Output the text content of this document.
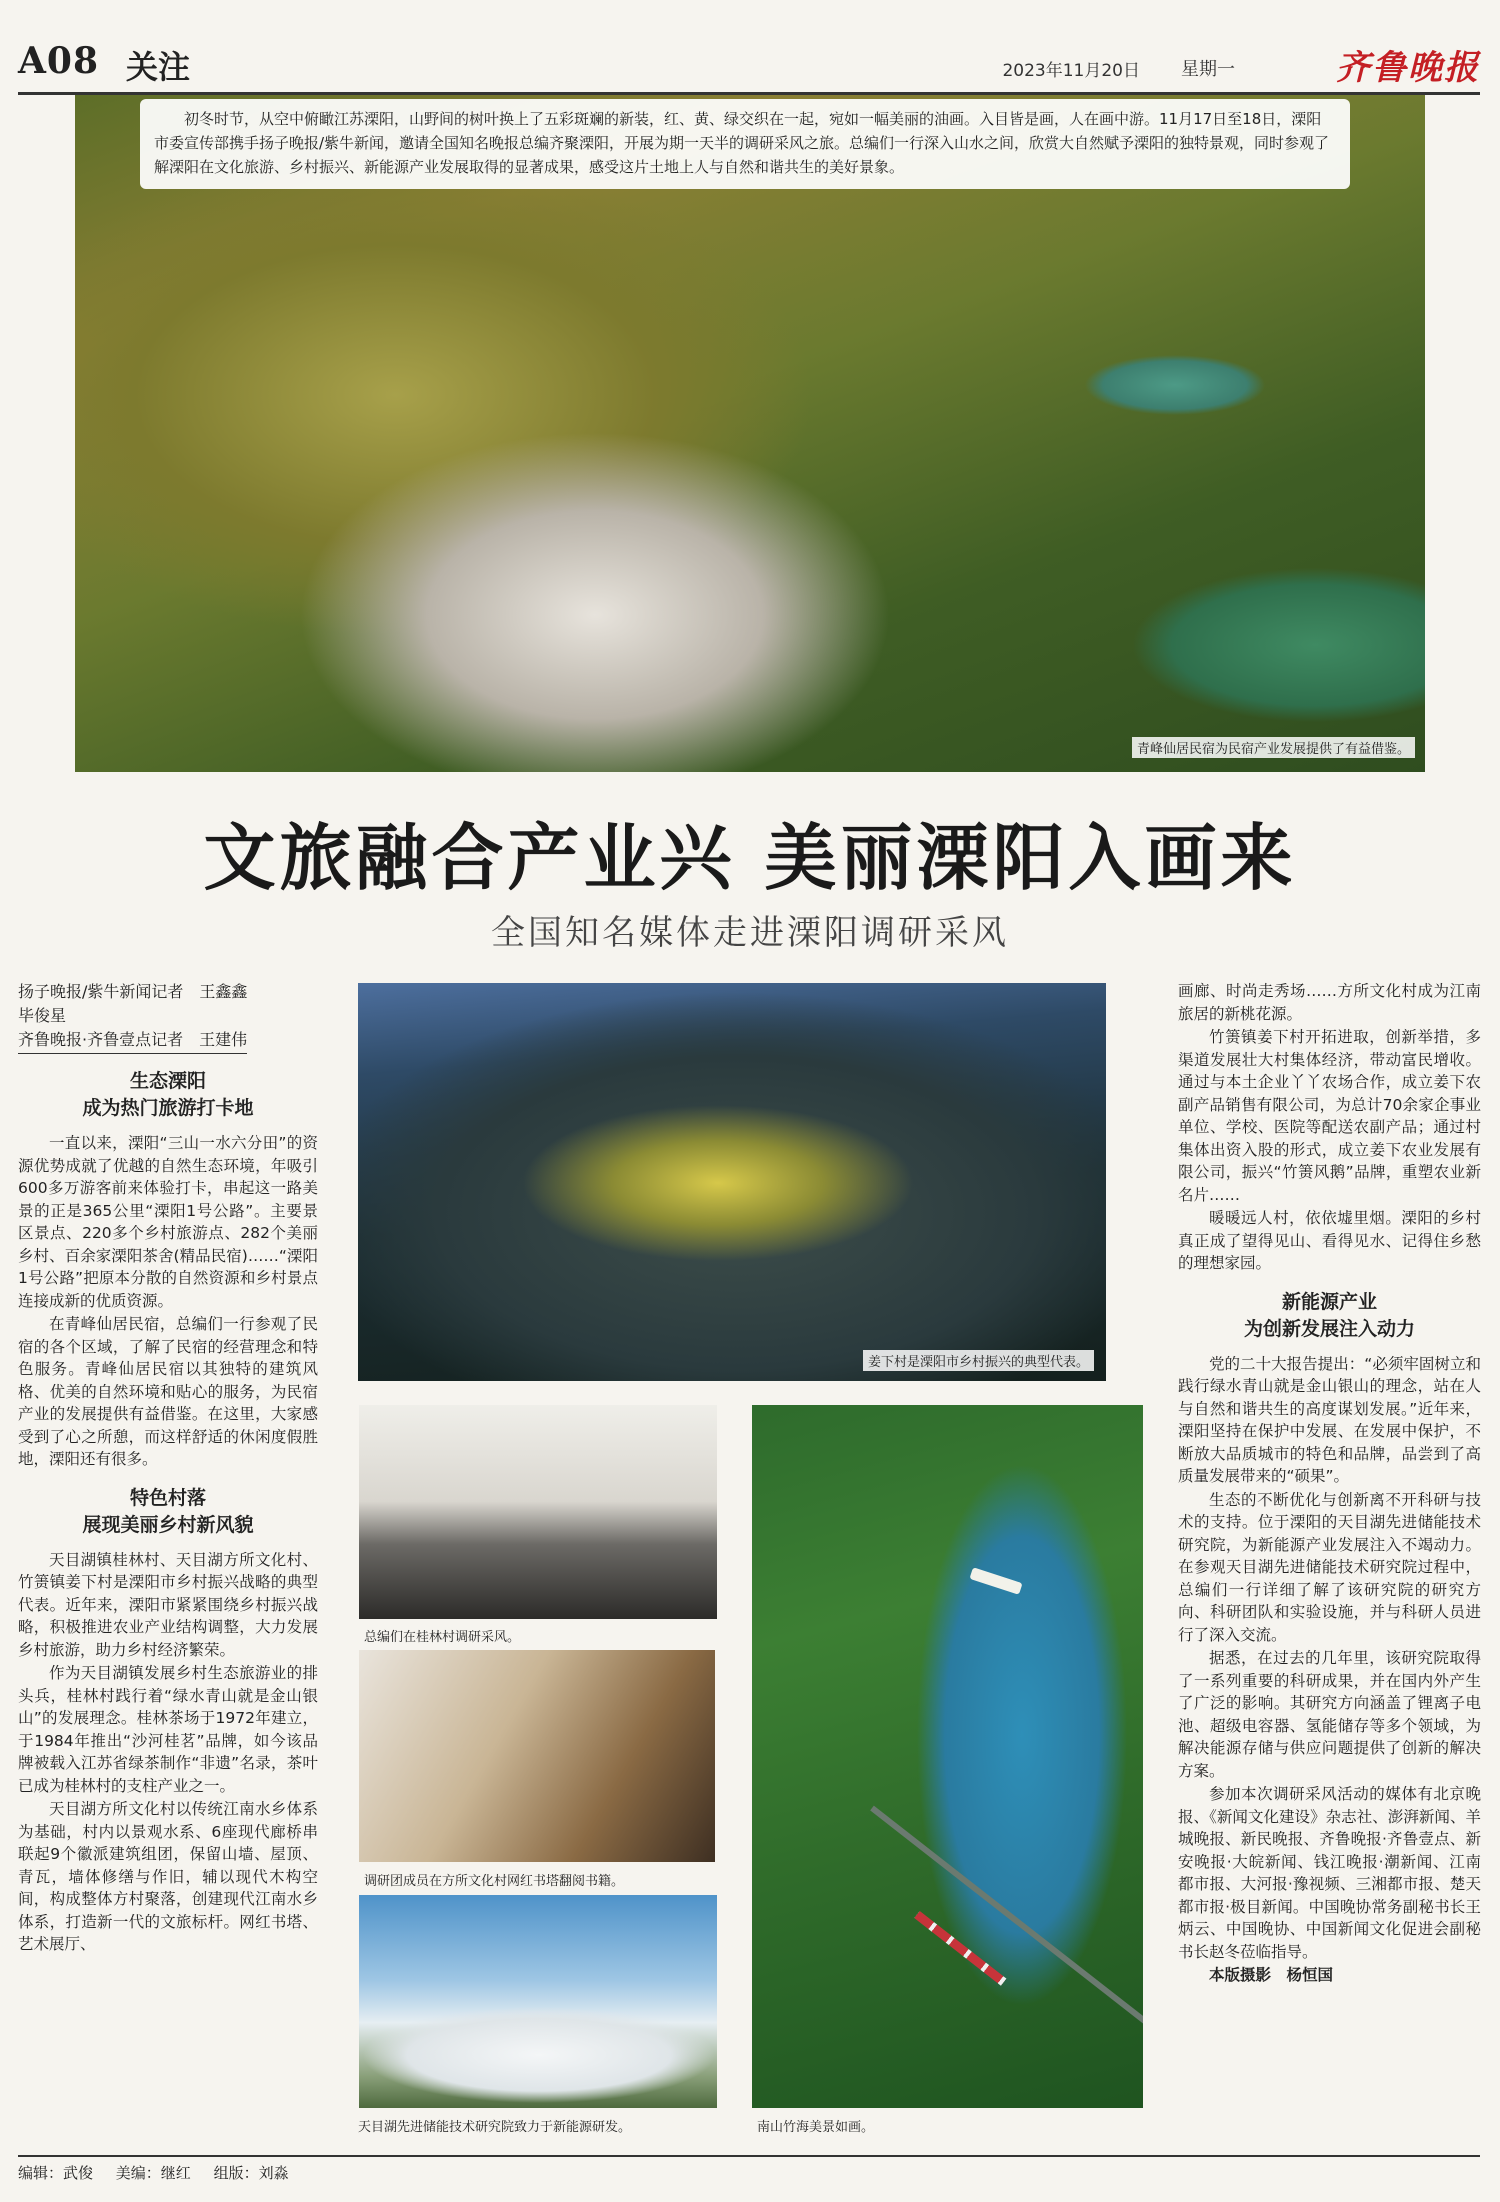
A08 关注	2023年11月20日 星期一	齐鲁晚报

初冬时节，从空中俯瞰江苏溧阳，山野间的树叶换上了五彩斑斓的新装，红、黄、绿交织在一起，宛如一幅美丽的油画。入目皆是画，人在画中游。11月17日至18日，溧阳市委宣传部携手扬子晚报/紫牛新闻，邀请全国知名晚报总编齐聚溧阳，开展为期一天半的调研采风之旅。总编们一行深入山水之间，欣赏大自然赋予溧阳的独特景观，同时参观了解溧阳在文化旅游、乡村振兴、新能源产业发展取得的显著成果，感受这片土地上人与自然和谐共生的美好景象。

青峰仙居民宿为民宿产业发展提供了有益借鉴。
文旅融合产业兴 美丽溧阳入画来
全国知名媒体走进溧阳调研采风
扬子晚报/紫牛新闻记者　王鑫鑫
毕俊星
齐鲁晚报·齐鲁壹点记者　王建伟
生态溧阳
成为热门旅游打卡地

一直以来，溧阳“三山一水六分田”的资源优势成就了优越的自然生态环境，年吸引600多万游客前来体验打卡，串起这一路美景的正是365公里“溧阳1号公路”。主要景区景点、220多个乡村旅游点、282个美丽乡村、百余家溧阳茶舍(精品民宿)……“溧阳1号公路”把原本分散的自然资源和乡村景点连接成新的优质资源。

在青峰仙居民宿，总编们一行参观了民宿的各个区域，了解了民宿的经营理念和特色服务。青峰仙居民宿以其独特的建筑风格、优美的自然环境和贴心的服务，为民宿产业的发展提供有益借鉴。在这里，大家感受到了心之所憩，而这样舒适的休闲度假胜地，溧阳还有很多。

特色村落
展现美丽乡村新风貌

天目湖镇桂林村、天目湖方所文化村、竹箦镇姜下村是溧阳市乡村振兴战略的典型代表。近年来，溧阳市紧紧围绕乡村振兴战略，积极推进农业产业结构调整，大力发展乡村旅游，助力乡村经济繁荣。

作为天目湖镇发展乡村生态旅游业的排头兵，桂林村践行着“绿水青山就是金山银山”的发展理念。桂林茶场于1972年建立，于1984年推出“沙河桂茗”品牌，如今该品牌被载入江苏省绿茶制作“非遗”名录，茶叶已成为桂林村的支柱产业之一。

天目湖方所文化村以传统江南水乡体系为基础，村内以景观水系、6座现代廊桥串联起9个徽派建筑组团，保留山墙、屋顶、青瓦，墙体修缮与作旧，辅以现代木构空间，构成整体方村聚落，创建现代江南水乡体系，打造新一代的文旅标杆。网红书塔、艺术展厅、

姜下村是溧阳市乡村振兴的典型代表。
总编们在桂林村调研采风。
调研团成员在方所文化村网红书塔翻阅书籍。
天目湖先进储能技术研究院致力于新能源研发。	南山竹海美景如画。

画廊、时尚走秀场……方所文化村成为江南旅居的新桃花源。

竹箦镇姜下村开拓进取，创新举措，多渠道发展壮大村集体经济，带动富民增收。通过与本土企业丫丫农场合作，成立姜下农副产品销售有限公司，为总计70余家企事业单位、学校、医院等配送农副产品；通过村集体出资入股的形式，成立姜下农业发展有限公司，振兴“竹箦风鹅”品牌，重塑农业新名片……

暖暖远人村，依依墟里烟。溧阳的乡村真正成了望得见山、看得见水、记得住乡愁的理想家园。

新能源产业
为创新发展注入动力

党的二十大报告提出：“必须牢固树立和践行绿水青山就是金山银山的理念，站在人与自然和谐共生的高度谋划发展。”近年来，溧阳坚持在保护中发展、在发展中保护，不断放大品质城市的特色和品牌，品尝到了高质量发展带来的“硕果”。

生态的不断优化与创新离不开科研与技术的支持。位于溧阳的天目湖先进储能技术研究院，为新能源产业发展注入不竭动力。在参观天目湖先进储能技术研究院过程中，总编们一行详细了解了该研究院的研究方向、科研团队和实验设施，并与科研人员进行了深入交流。

据悉，在过去的几年里，该研究院取得了一系列重要的科研成果，并在国内外产生了广泛的影响。其研究方向涵盖了锂离子电池、超级电容器、氢能储存等多个领域，为解决能源存储与供应问题提供了创新的解决方案。

参加本次调研采风活动的媒体有北京晚报、《新闻文化建设》杂志社、澎湃新闻、羊城晚报、新民晚报、齐鲁晚报·齐鲁壹点、新安晚报·大皖新闻、钱江晚报·潮新闻、江南都市报、大河报·豫视频、三湘都市报、楚天都市报·极目新闻。中国晚协常务副秘书长王炳云、中国晚协、中国新闻文化促进会副秘书长赵冬莅临指导。

本版摄影　杨恒国

编辑：武俊 美编：继红 组版：刘淼
